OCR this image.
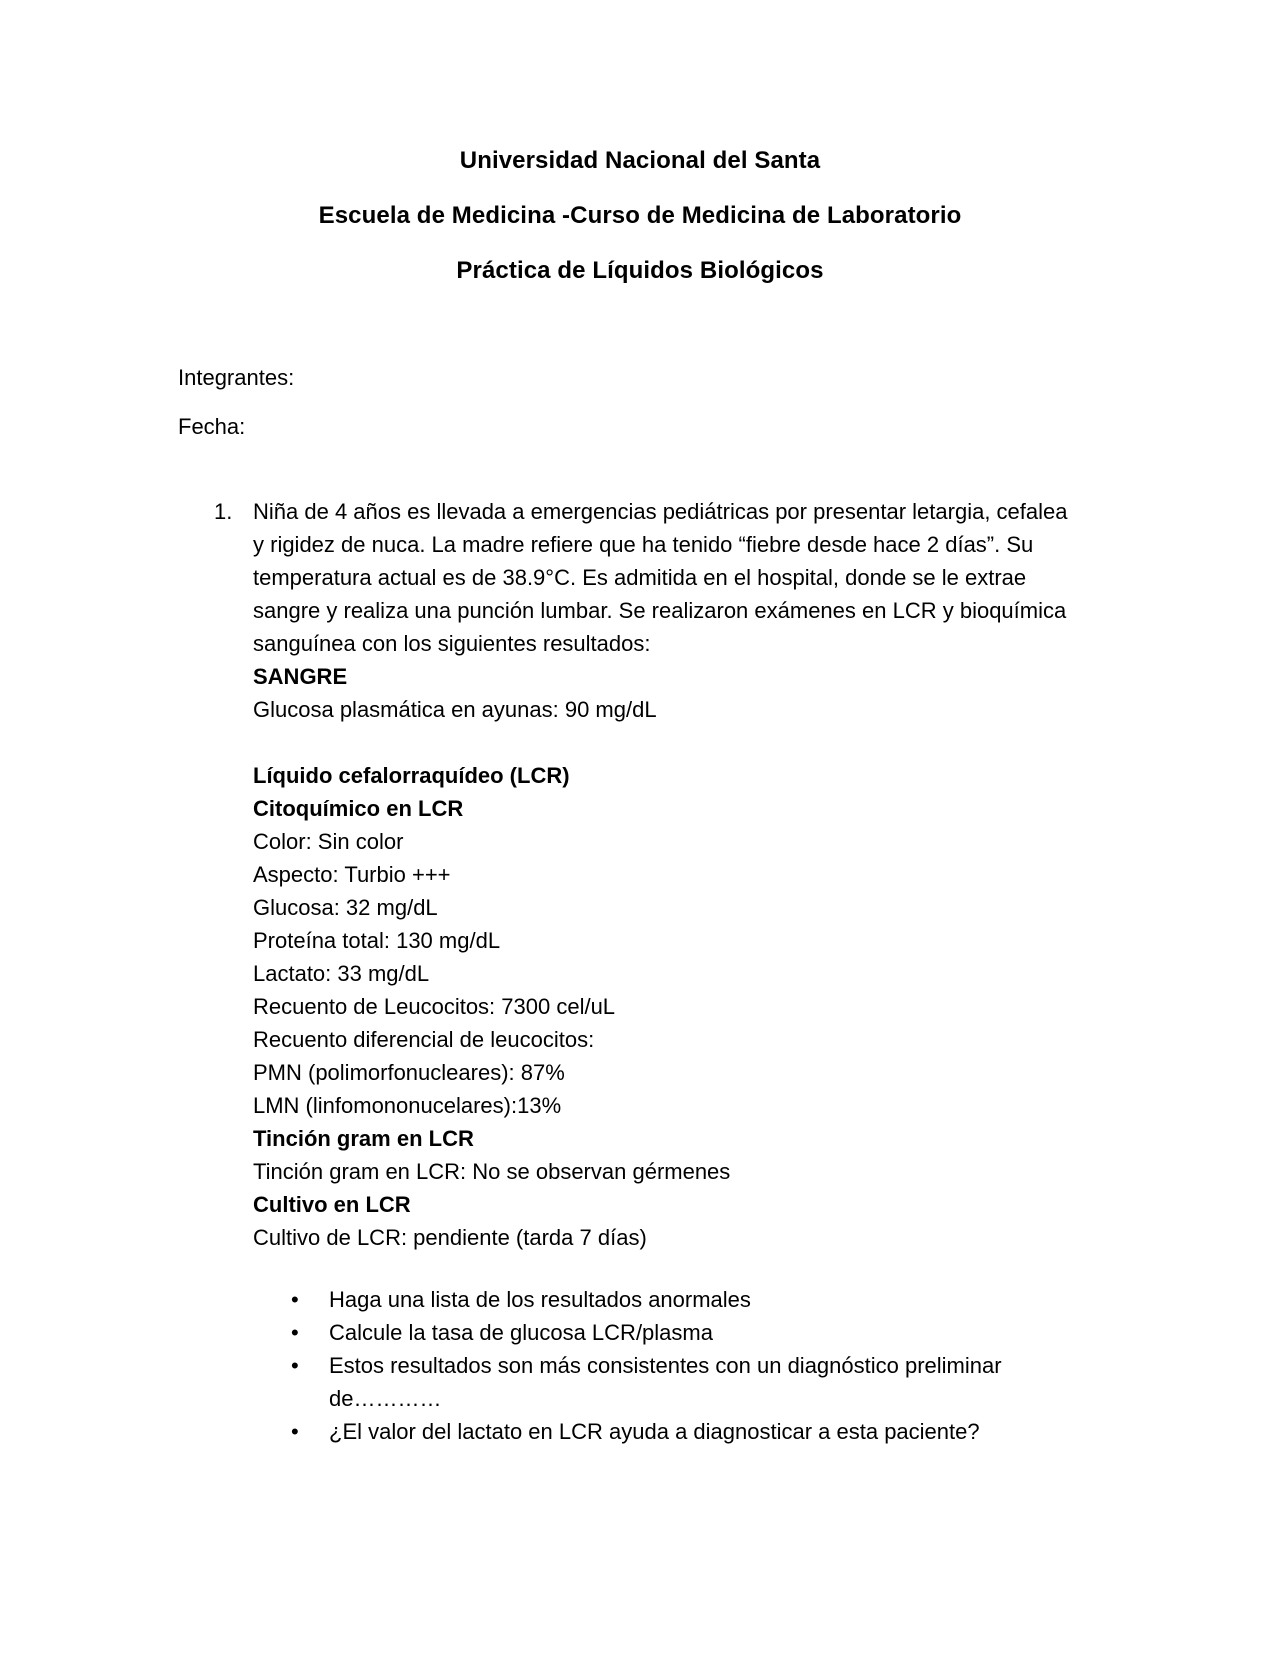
Universidad Nacional del Santa
Escuela de Medicina -Curso de Medicina de Laboratorio
Práctica de Líquidos Biológicos
Integrantes:
Fecha:
1. Niña de 4 años es llevada a emergencias pediátricas por presentar letargia, cefalea
y rigidez de nuca. La madre refiere que ha tenido “fiebre desde hace 2 días”. Su
temperatura actual es de 38.9°C. Es admitida en el hospital, donde se le extrae
sangre y realiza una punción lumbar. Se realizaron exámenes en LCR y bioquímica
sanguínea con los siguientes resultados:
SANGRE
Glucosa plasmática en ayunas: 90 mg/dL
Líquido cefalorraquídeo (LCR)
Citoquímico en LCR
Color: Sin color
Aspecto: Turbio +++
Glucosa: 32 mg/dL
Proteína total: 130 mg/dL
Lactato: 33 mg/dL
Recuento de Leucocitos: 7300 cel/uL
Recuento diferencial de leucocitos:
PMN (polimorfonucleares): 87%
LMN (linfomononucelares):13%
Tinción gram en LCR
Tinción gram en LCR: No se observan gérmenes
Cultivo en LCR
Cultivo de LCR: pendiente (tarda 7 días)
• Haga una lista de los resultados anormales
• Calcule la tasa de glucosa LCR/plasma
• Estos resultados son más consistentes con un diagnóstico preliminar
de…………
• ¿El valor del lactato en LCR ayuda a diagnosticar a esta paciente?
